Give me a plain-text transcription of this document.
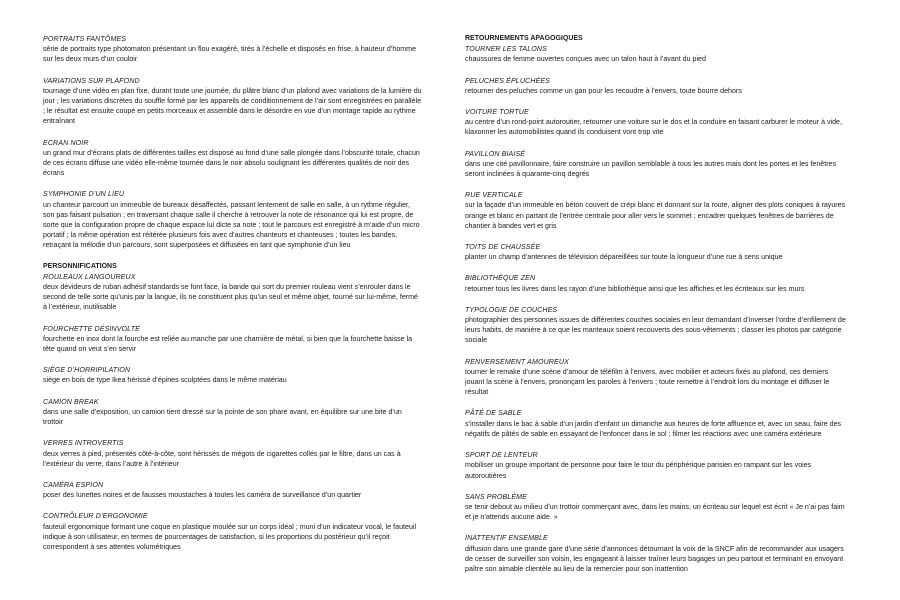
PORTRAITS FANTÔMES

série de portraits type photomaton présentant un flou exagéré, tirés à l’échelle et disposés en frise, à hauteur d’homme sur les deux murs d’un couloir

VARIATIONS SUR PLAFOND

tournage d’une vidéo en plan fixe, durant toute une journée, du plâtre blanc d’un plafond avec variations de la lumière du jour ; les variations discrètes du souffle formé par les appareils de conditionnement de l’air sont enregistrées en parallèle ; le résultat est ensuite coupé en petits morceaux et assemblé dans le désordre en vue d’un montage rapide au rythme entraînant

ECRAN NOIR

un grand mur d’écrans plats de différentes tailles est disposé au fond d’une salle plongée dans l’obscurité totale, chacun de ces écrans diffuse une vidéo elle-même tournée dans le noir absolu soulignant les différentes qualités de noir des écrans

SYMPHONIE D’UN LIEU

un chanteur parcourt un immeuble de bureaux désaffectés, passant lentement de salle en salle, à un rythme régulier, son pas faisant pulsation ; en traversant chaque salle il cherche à retrouver la note de résonance qui lui est propre, de sorte que la configuration propre de chaque espace lui dicte sa note ; tout le parcours est enregistré à m’aide d’un micro portatif ; la même opération est réitérée plusieurs fois avec d’autres chanteurs et chanteuses ; toutes les bandes, retraçant la mélodie d’un parcours, sont superposées et diffusées en tant que symphonie d’un lieu

PERSONNIFICATIONS

ROULEAUX LANGOUREUX

deux dévideurs de ruban adhésif standards se font face, la bande qui sort du premier rouleau vient s’enrouler dans le second de telle sorte qu’unis par la langue, ils ne constituent plus qu’un seul et même objet, tourné sur lui-même, fermé à l’extérieur, inutilisable

FOURCHETTE DÉSINVOLTE

fourchette en inox dont la fourche est reliée au manche par une charnière de métal, si bien que la fourchette baisse la tête quand on veut s’en servir

SIÈGE D’HORRIPILATION

siège en bois de type Ikea hérissé d’épines sculptées dans le même matériau

CAMION BREAK

dans une salle d’exposition, un camion tient dressé sur la pointe de son phare avant, en équilibre sur une bite d’un trottoir

VERRES INTROVERTIS

deux verres à pied, présentés côté-à-côte, sont hérissés de mégots de cigarettes collés par le filtre, dans un cas à l’extérieur du verre, dans l’autre à l’intérieur

CAMÉRA ESPION

poser des lunettes noires et de fausses moustaches à toutes les caméra de surveillance d’un quartier

CONTRÔLEUR D’ERGONOMIE

fauteuil ergonomique formant une coque en plastique moulée sur un corps idéal ; muni d’un indicateur vocal, le fauteuil indique à son utilisateur, en termes de pourcentages de satisfaction, si les proportions du postérieur qu’il reçoit correspondent à ses attentes volumétriques

RETOURNEMENTS APAGOGIQUES

TOURNER LES TALONS

chaussures de femme ouvertes conçues avec un talon haut à l’avant du pied

PELUCHES ÉPLUCHÉES

retourner des peluches comme un gan pour les recoudre à l’envers, toute bourre dehors

VOITURE TORTUE

au centre d’un rond-point autoroutier, retourner une voiture sur le dos et la conduire en faisant carburer le moteur à vide, klaxonner les automobilistes quand ils conduisent vont trop vite

PAVILLON BIAISÉ

dans une cité pavillonnaire, faire construire un pavillon semblable à tous les autres mais dont les portes et les fenêtres seront inclinées à quarante-cinq degrés

RUE VERTICALE

sur la façade d’un immeuble en béton couvert de crépi blanc et donnant sur la route, aligner des plots coniques à rayures orange et blanc en partant de l’entrée centrale pour aller vers le sommet ; encadrer quelques fenêtres de barrières de chantier à bandes vert et gris

TOITS DE CHAUSSÉE

planter un champ d’antennes de télévision dépareillées sur toute la longueur d’une rue à sens unique

BIBLIOTHÈQUE ZEN

retourner tous les livres dans les rayon d’une bibliothèque ainsi que les affiches et les écriteaux sur les murs

TYPOLOGIE DE COUCHES

photographier des personnes issues de différentes couches sociales en leur demandant d’inverser l’ordre d’enfilement de leurs habits, de manière à ce que les manteaux soient recouverts des sous-vêtements ; classer les photos par catégorie sociale

RENVERSEMENT AMOUREUX

tourner le remake d’une scène d’amour de téléfilm à l’envers, avec mobilier et acteurs fixés au plafond, ces derniers jouant la scène à l’envers, prononçant les paroles à l’envers ; toute remettre à l’endroit lors du montage et diffuser le résultat

PÂTÉ DE SABLE

s’installer dans le bac à sable d’un jardin d’enfant un dimanche aux heures de forte affluence et, avec un seau, faire des négatifs de pâtés de sable en essayant de l’enfoncer dans le sol ; filmer les réactions avec une caméra extérieure

SPORT DE LENTEUR

mobiliser un groupe important de personne pour faire le tour du périphérique parisien en rampant sur les voies autoroutières

SANS PROBLÈME

se tenir debout au milieu d’un trottoir commerçant avec, dans les mains, un écriteau sur lequel est écrit « Je n’ai pas faim et je n’attends aucune aide. »

INATTENTIF ENSEMBLE

diffusion dans une grande gare d’une série d’annonces détournant la voix de la SNCF afin de recommander aux usagers de cesser de surveiller son voisin, les engageant à laisser traîner leurs bagages un peu partout et terminant en envoyant paître son aimable clientèle au lieu de la remercier pour son inattention
